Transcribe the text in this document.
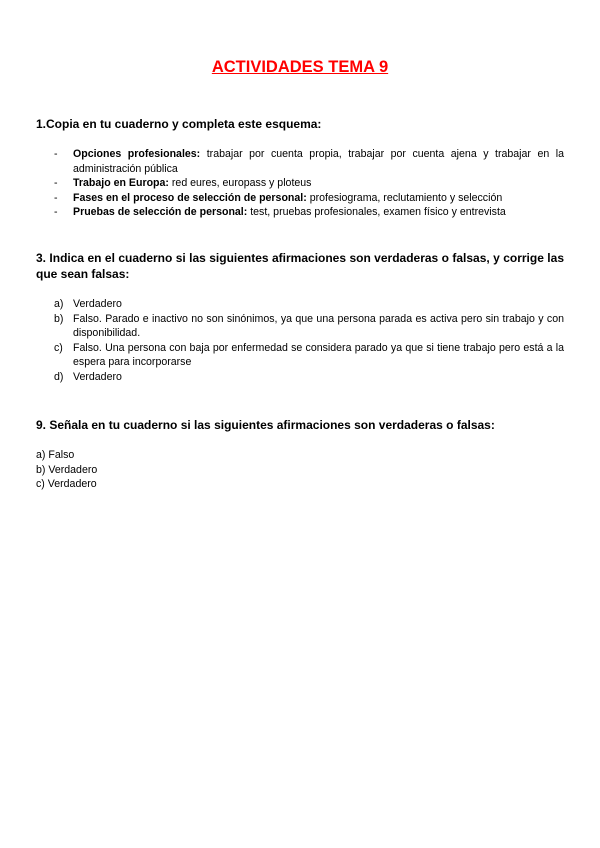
ACTIVIDADES TEMA 9
1.Copia en tu cuaderno y completa este esquema:
- Opciones profesionales: trabajar por cuenta propia, trabajar por cuenta ajena y trabajar en la administración pública
- Trabajo en Europa: red eures, europass y ploteus
- Fases en el proceso de selección de personal: profesiograma, reclutamiento y selección
- Pruebas de selección de personal: test, pruebas profesionales, examen físico y entrevista
3. Indica en el cuaderno si las siguientes afirmaciones son verdaderas o falsas, y corrige las que sean falsas:
a) Verdadero
b) Falso. Parado e inactivo no son sinónimos, ya que una persona parada es activa pero sin trabajo y con disponibilidad.
c) Falso. Una persona con baja por enfermedad se considera parado ya que si tiene trabajo pero está a la espera para incorporarse
d) Verdadero
9. Señala en tu cuaderno si las siguientes afirmaciones son verdaderas o falsas:
a) Falso
b) Verdadero
c) Verdadero
